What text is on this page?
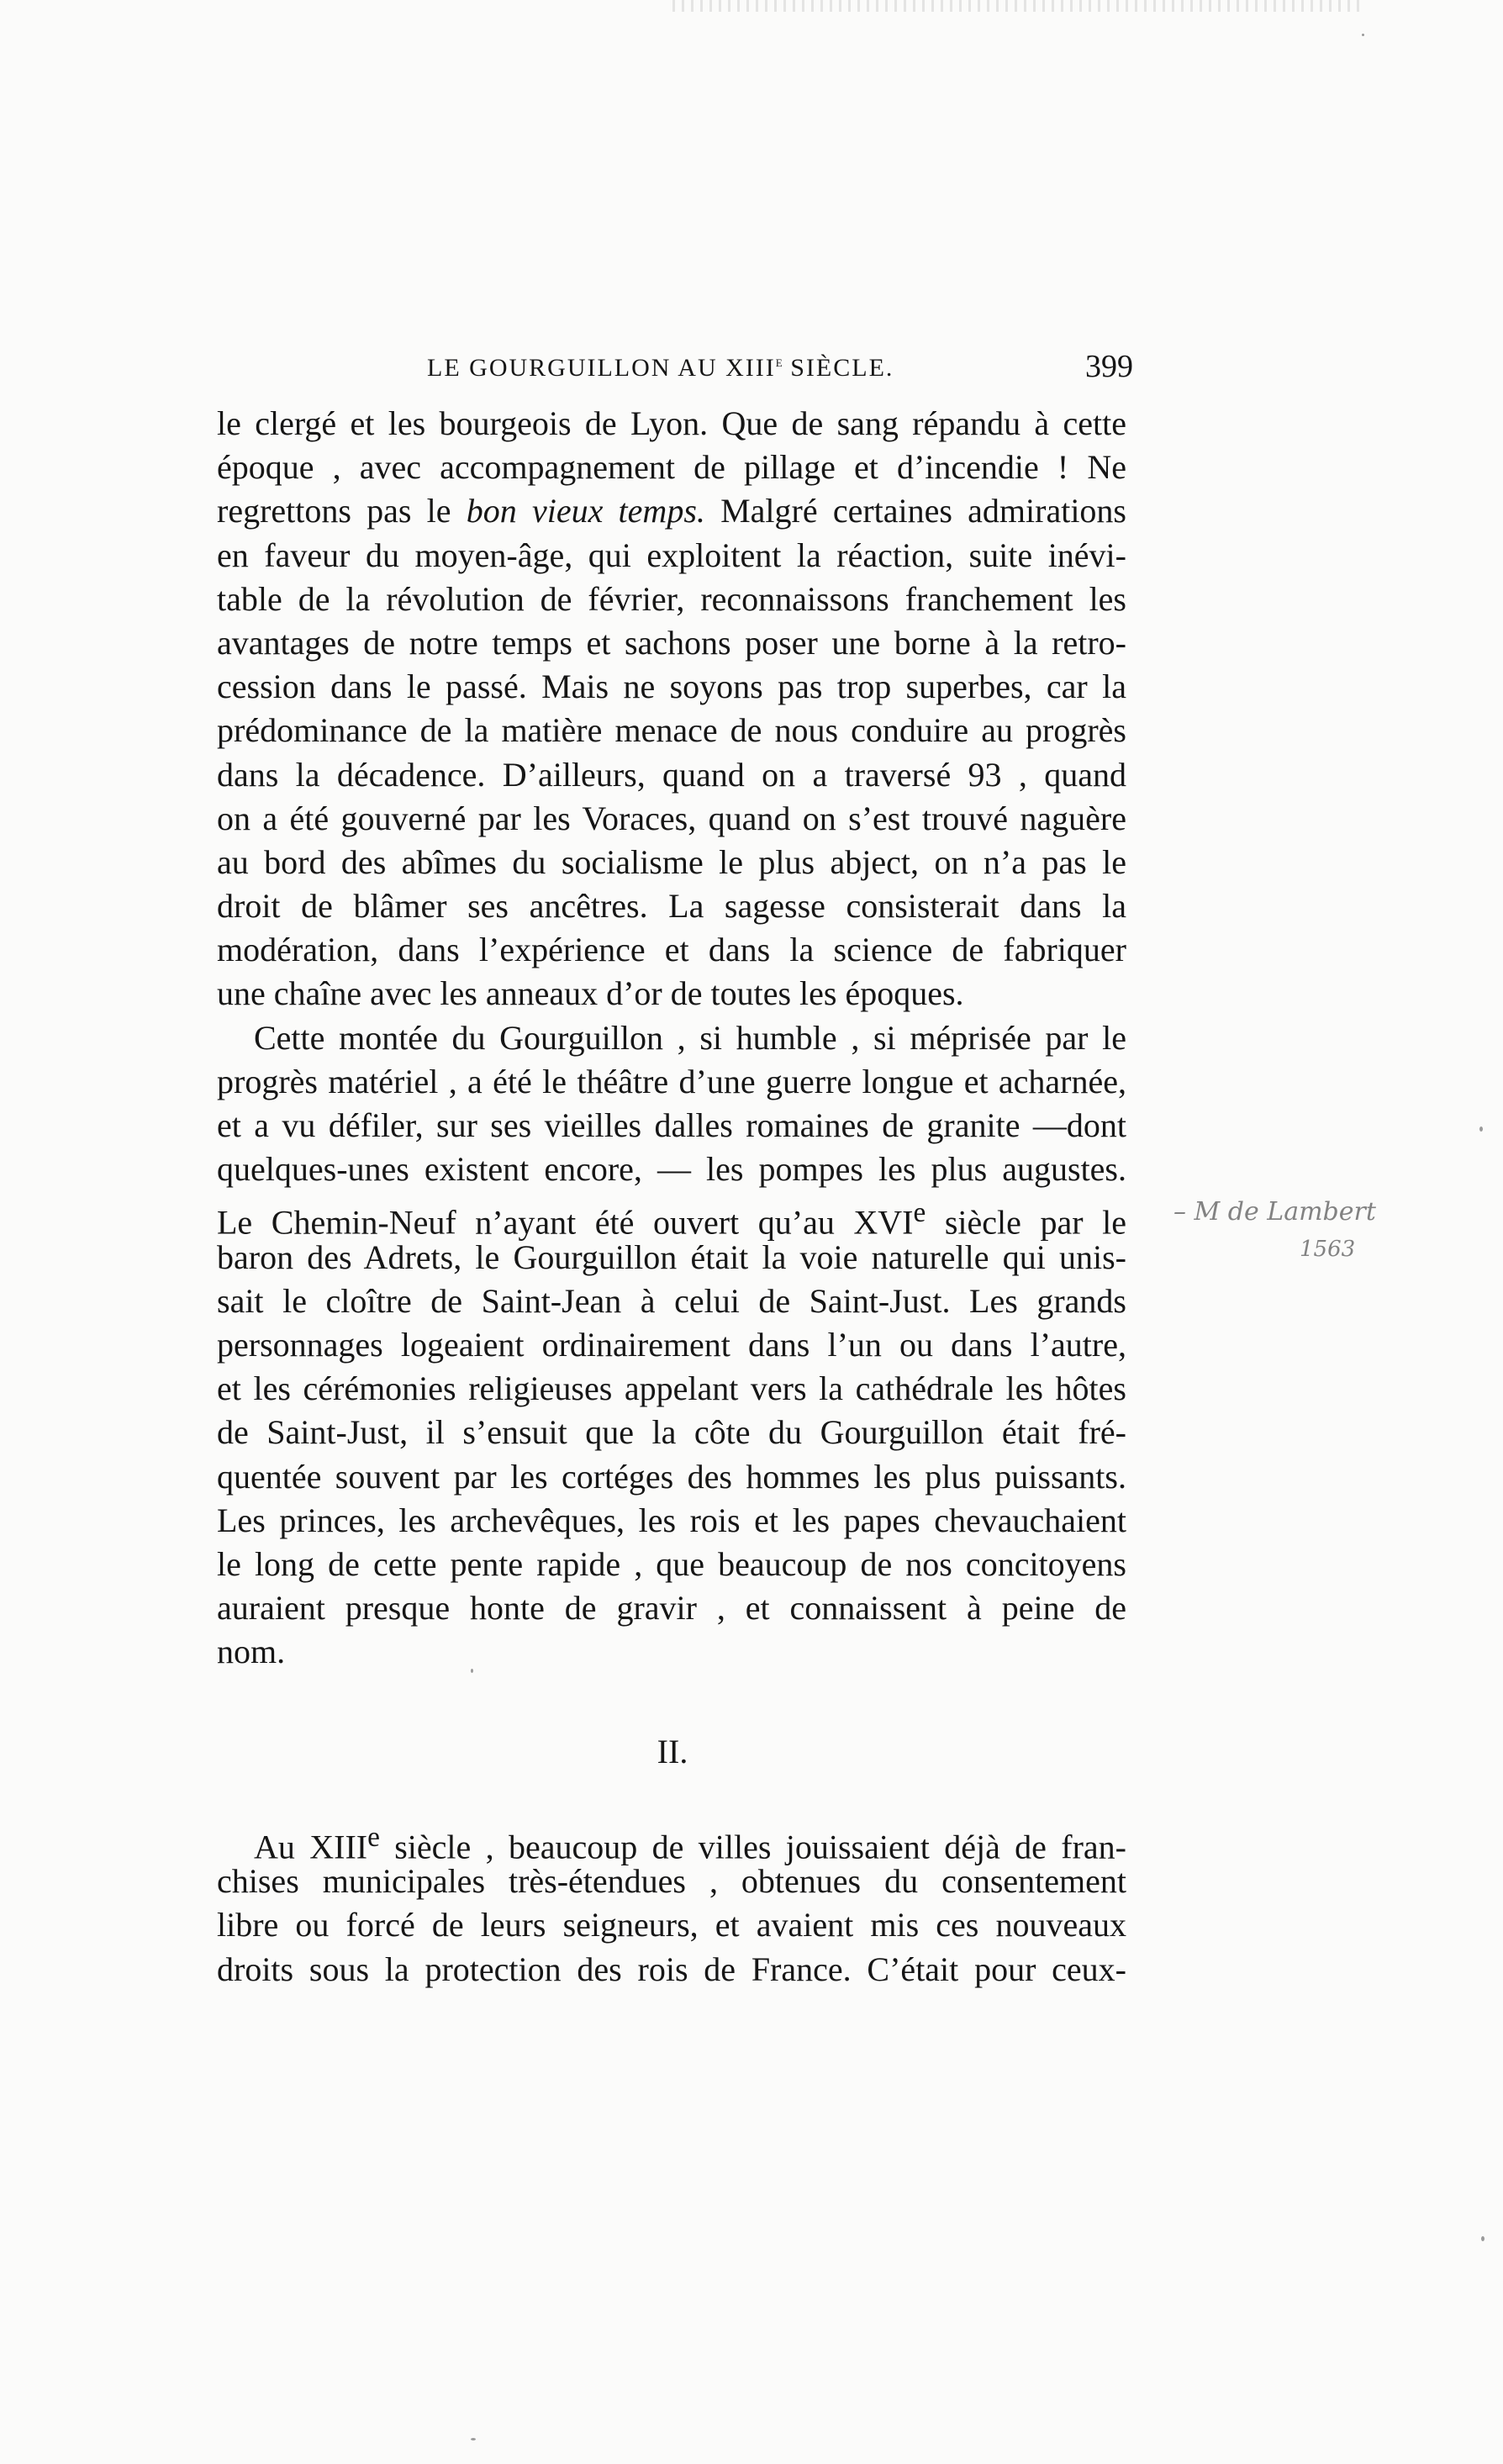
LE GOURGUILLON AU XIIIe SIÈCLE.	399
le clergé et les bourgeois de Lyon. Que de sang répandu à cette
époque , avec accompagnement de pillage et d’incendie ! Ne
regrettons pas le bon vieux temps. Malgré certaines admirations
en faveur du moyen-âge, qui exploitent la réaction, suite inévi-
table de la révolution de février, reconnaissons franchement les
avantages de notre temps et sachons poser une borne à la retro-
cession dans le passé. Mais ne soyons pas trop superbes, car la
prédominance de la matière menace de nous conduire au progrès
dans la décadence. D’ailleurs, quand on a traversé 93 , quand
on a été gouverné par les Voraces, quand on s’est trouvé naguère
au bord des abîmes du socialisme le plus abject, on n’a pas le
droit de blâmer ses ancêtres. La sagesse consisterait dans la
modération, dans l’expérience et dans la science de fabriquer
une chaîne avec les anneaux d’or de toutes les époques.
Cette montée du Gourguillon , si humble , si méprisée par le
progrès matériel , a été le théâtre d’une guerre longue et acharnée,
et a vu défiler, sur ses vieilles dalles romaines de granite —dont
quelques-unes existent encore, — les pompes les plus augustes.
Le Chemin-Neuf n’ayant été ouvert qu’au XVIe siècle par le
baron des Adrets, le Gourguillon était la voie naturelle qui unis-
sait le cloître de Saint-Jean à celui de Saint-Just. Les grands
personnages logeaient ordinairement dans l’un ou dans l’autre,
et les cérémonies religieuses appelant vers la cathédrale les hôtes
de Saint-Just, il s’ensuit que la côte du Gourguillon était fré-
quentée souvent par les cortéges des hommes les plus puissants.
Les princes, les archevêques, les rois et les papes chevauchaient
le long de cette pente rapide , que beaucoup de nos concitoyens
auraient presque honte de gravir , et connaissent à peine de
nom.
– M de Lambert
1563
II.
Au XIIIe siècle , beaucoup de villes jouissaient déjà de fran-
chises municipales très-étendues , obtenues du consentement
libre ou forcé de leurs seigneurs, et avaient mis ces nouveaux
droits sous la protection des rois de France. C’était pour ceux-
